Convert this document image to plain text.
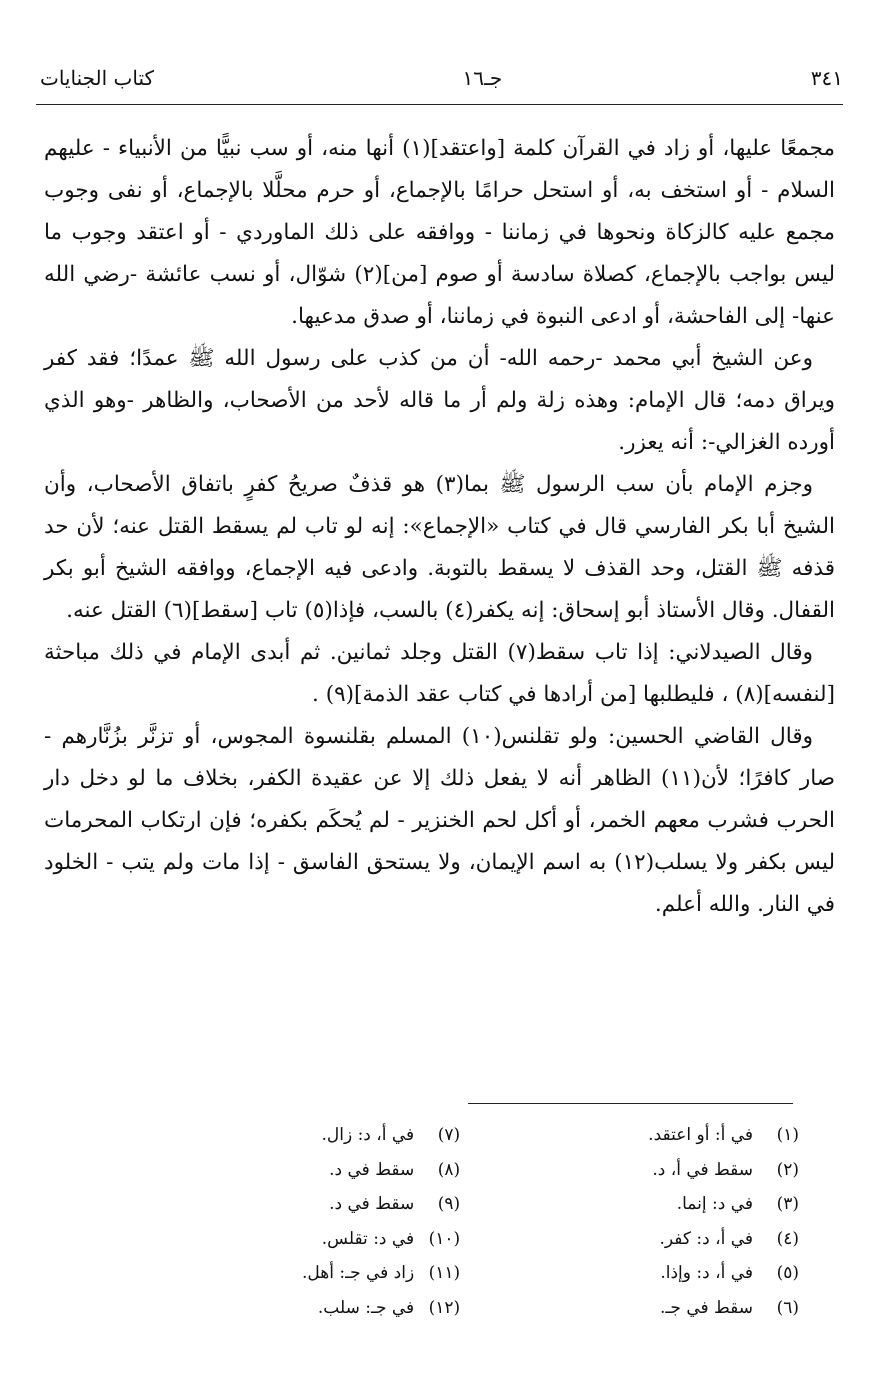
٣٤١
جـ١٦
كتاب الجنايات

مجمعًا عليها، أو زاد في القرآن كلمة [واعتقد](١) أنها منه، أو سب نبيًّا من الأنبياء - عليهم السلام - أو استخف به، أو استحل حرامًا بالإجماع، أو حرم محلَّلا بالإجماع، أو نفى وجوب مجمع عليه كالزكاة ونحوها في زماننا - ووافقه على ذلك الماوردي - أو اعتقد وجوب ما ليس بواجب بالإجماع، كصلاة سادسة أو صوم [من](٢) شوّال، أو نسب عائشة -رضي الله عنها- إلى الفاحشة، أو ادعى النبوة في زماننا، أو صدق مدعيها.

وعن الشيخ أبي محمد -رحمه الله- أن من كذب على رسول الله ﷺ عمدًا؛ فقد كفر ويراق دمه؛ قال الإمام: وهذه زلة ولم أر ما قاله لأحد من الأصحاب، والظاهر -وهو الذي أورده الغزالي-: أنه يعزر.

وجزم الإمام بأن سب الرسول ﷺ بما(٣) هو قذفٌ صريحُ كفرٍ باتفاق الأصحاب، وأن الشيخ أبا بكر الفارسي قال في كتاب «الإجماع»: إنه لو تاب لم يسقط القتل عنه؛ لأن حد قذفه ﷺ القتل، وحد القذف لا يسقط بالتوبة. وادعى فيه الإجماع، ووافقه الشيخ أبو بكر القفال. وقال الأستاذ أبو إسحاق: إنه يكفر(٤) بالسب، فإذا(٥) تاب [سقط](٦) القتل عنه.

وقال الصيدلاني: إذا تاب سقط(٧) القتل وجلد ثمانين. ثم أبدى الإمام في ذلك مباحثة [لنفسه](٨) ، فليطلبها [من أرادها في كتاب عقد الذمة](٩) .

وقال القاضي الحسين: ولو تقلنس(١٠) المسلم بقلنسوة المجوس، أو تزنَّر بزُنَّارهم - صار كافرًا؛ لأن(١١) الظاهر أنه لا يفعل ذلك إلا عن عقيدة الكفر، بخلاف ما لو دخل دار الحرب فشرب معهم الخمر، أو أكل لحم الخنزير - لم يُحكَم بكفره؛ فإن ارتكاب المحرمات ليس بكفر ولا يسلب(١٢) به اسم الإيمان، ولا يستحق الفاسق - إذا مات ولم يتب - الخلود في النار. والله أعلم.

(١)
في أ: أو اعتقد.
(٢)
سقط في أ، د.
(٣)
في د: إنما.
(٤)
في أ، د: كفر.
(٥)
في أ، د: وإذا.
(٦)
سقط في جـ.
(٧)
في أ، د: زال.
(٨)
سقط في د.
(٩)
سقط في د.
(١٠)
في د: تقلس.
(١١)
زاد في جـ: أهل.
(١٢)
في جـ: سلب.
